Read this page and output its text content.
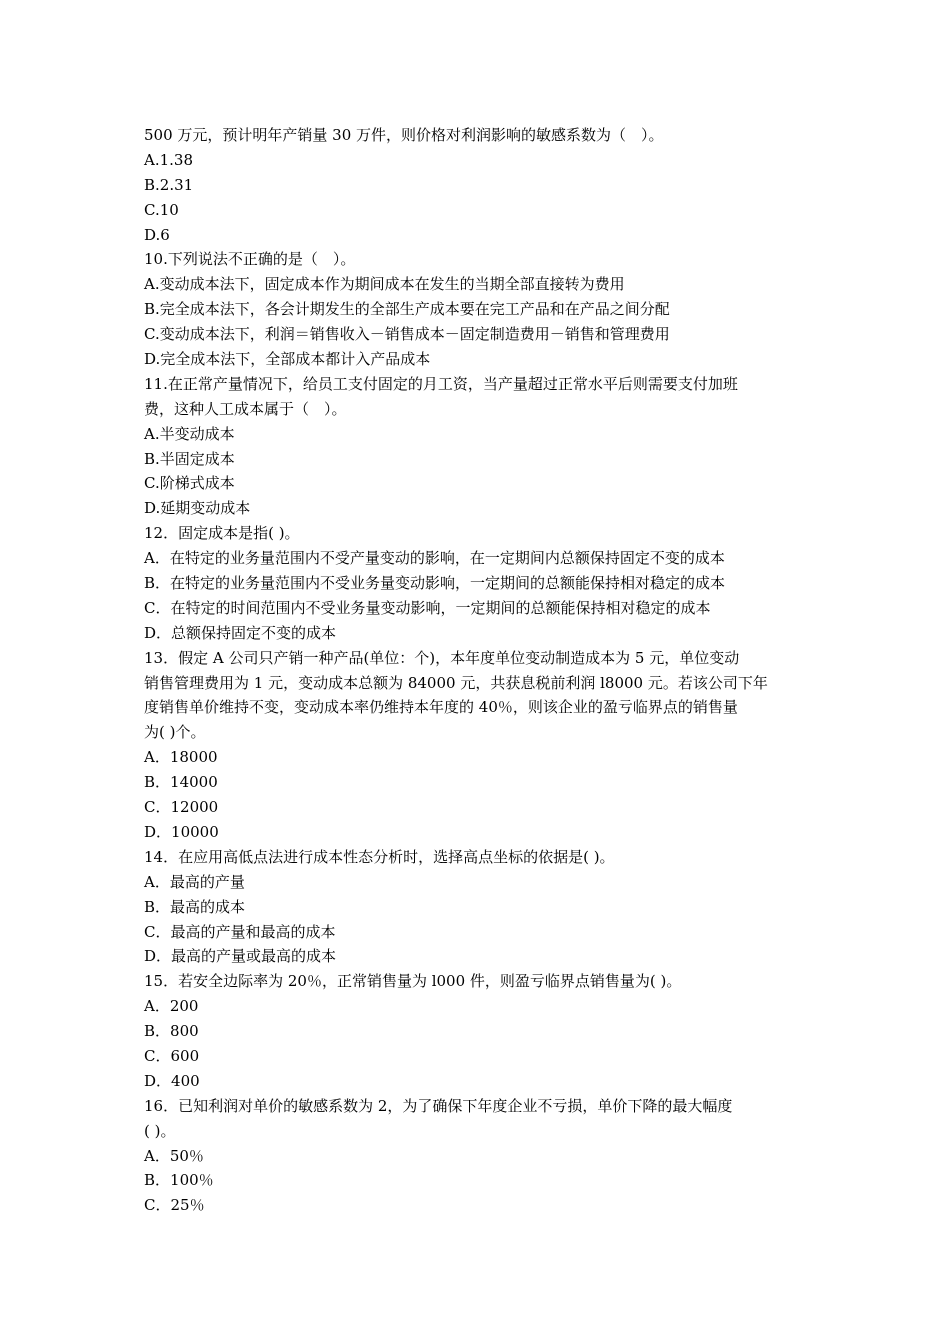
500 万元，预计明年产销量 30 万件，则价格对利润影响的敏感系数为（　）。
A.1.38
B.2.31
C.10
D.6
10.下列说法不正确的是（　）。
A.变动成本法下，固定成本作为期间成本在发生的当期全部直接转为费用
B.完全成本法下，各会计期发生的全部生产成本要在完工产品和在产品之间分配
C.变动成本法下，利润＝销售收入－销售成本－固定制造费用－销售和管理费用
D.完全成本法下，全部成本都计入产品成本
11.在正常产量情况下，给员工支付固定的月工资，当产量超过正常水平后则需要支付加班
费，这种人工成本属于（　）。
A.半变动成本
B.半固定成本
C.阶梯式成本
D.延期变动成本
12．固定成本是指( )。
A．在特定的业务量范围内不受产量变动的影响，在一定期间内总额保持固定不变的成本
B．在特定的业务量范围内不受业务量变动影响，一定期间的总额能保持相对稳定的成本
C．在特定的时间范围内不受业务量变动影响，一定期间的总额能保持相对稳定的成本
D．总额保持固定不变的成本
13．假定 A 公司只产销一种产品(单位：个)，本年度单位变动制造成本为 5 元，单位变动
销售管理费用为 1 元，变动成本总额为 84000 元，共获息税前利润 l8000 元。若该公司下年
度销售单价维持不变，变动成本率仍维持本年度的 40％，则该企业的盈亏临界点的销售量
为( )个。
A．18000
B．14000
C．12000
D．10000
14．在应用高低点法进行成本性态分析时，选择高点坐标的依据是( )。
A．最高的产量
B．最高的成本
C．最高的产量和最高的成本
D．最高的产量或最高的成本
15．若安全边际率为 20％，正常销售量为 l000 件，则盈亏临界点销售量为( )。
A．200
B．800
C．600
D．400
16．已知利润对单价的敏感系数为 2，为了确保下年度企业不亏损，单价下降的最大幅度
( )。
A．50％
B．100％
C．25％
